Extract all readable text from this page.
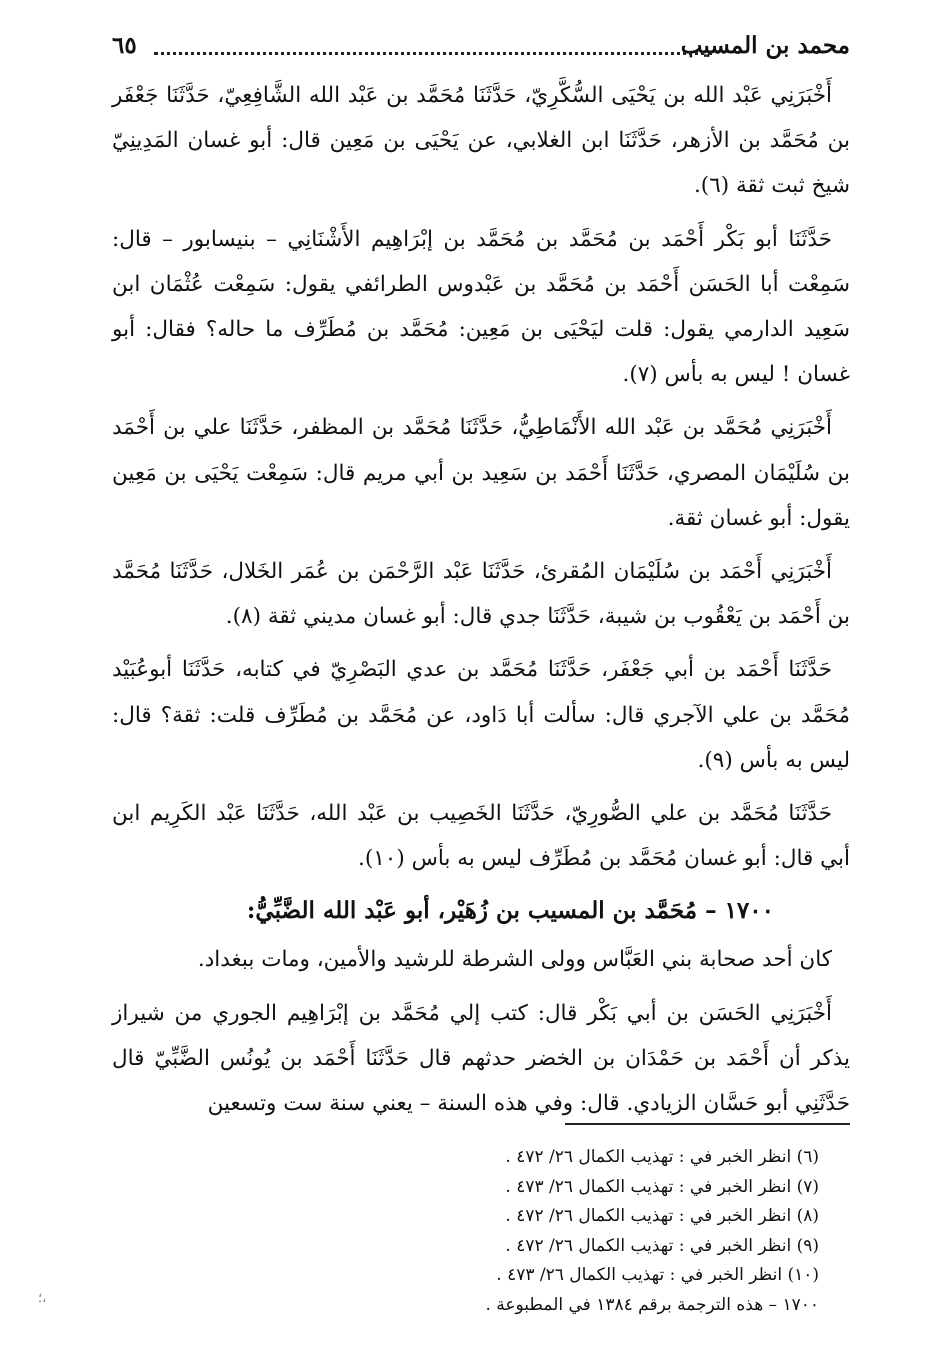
محمد بن المسيب
٦٥

أَخْبَرَنِي عَبْد الله بن يَحْيَى السُّكَّرِيّ، حَدَّثَنَا مُحَمَّد بن عَبْد الله الشَّافِعِيّ، حَدَّثَنَا جَعْفَر بن مُحَمَّد بن الأزهر، حَدَّثَنَا ابن الغلابي، عن يَحْيَى بن مَعِين قال: أبو غسان المَدِينِيّ شيخ ثبت ثقة (٦).

حَدَّثَنَا أبو بَكْر أَحْمَد بن مُحَمَّد بن مُحَمَّد بن إبْرَاهِيم الأَشْنَانِي – بنيسابور – قال: سَمِعْت أبا الحَسَن أَحْمَد بن مُحَمَّد بن عَبْدوس الطرائفي يقول: سَمِعْت عُثْمَان ابن سَعِيد الدارمي يقول: قلت ليَحْيَى بن مَعِين: مُحَمَّد بن مُطَرِّف ما حاله؟ فقال: أبو غسان ! ليس به بأس (٧).

أَخْبَرَنِي مُحَمَّد بن عَبْد الله الأَنْمَاطِيُّ، حَدَّثَنَا مُحَمَّد بن المظفر، حَدَّثَنَا علي بن أَحْمَد بن سُلَيْمَان المصري، حَدَّثَنَا أَحْمَد بن سَعِيد بن أبي مريم قال: سَمِعْت يَحْيَى بن مَعِين يقول: أبو غسان ثقة.

أَخْبَرَنِي أَحْمَد بن سُلَيْمَان المُقرئ، حَدَّثَنَا عَبْد الرَّحْمَن بن عُمَر الخَلال، حَدَّثَنَا مُحَمَّد بن أَحْمَد بن يَعْقُوب بن شيبة، حَدَّثَنَا جدي قال: أبو غسان مديني ثقة (٨).

حَدَّثَنَا أَحْمَد بن أبي جَعْفَر، حَدَّثَنَا مُحَمَّد بن عدي البَصْرِيّ في كتابه، حَدَّثَنَا أبوعُبَيْد مُحَمَّد بن علي الآجري قال: سألت أبا دَاود، عن مُحَمَّد بن مُطَرِّف قلت: ثقة؟ قال: ليس به بأس (٩).

حَدَّثَنَا مُحَمَّد بن علي الصُّورِيّ، حَدَّثَنَا الخَصِيب بن عَبْد الله، حَدَّثَنَا عَبْد الكَرِيم ابن أبي قال: أبو غسان مُحَمَّد بن مُطَرِّف ليس به بأس (١٠).

١٧٠٠ – مُحَمَّد بن المسيب بن زُهَيْر، أبو عَبْد الله الضَّبِّيُّ:

كان أحد صحابة بني العَبَّاس وولى الشرطة للرشيد والأمين، ومات ببغداد.

أَخْبَرَنِي الحَسَن بن أبي بَكْر قال: كتب إلي مُحَمَّد بن إبْرَاهِيم الجوري من شيراز يذكر أن أَحْمَد بن حَمْدَان بن الخضر حدثهم قال حَدَّثَنَا أَحْمَد بن يُونُس الضَّبِّيّ قال حَدَّثَنِي أبو حَسَّان الزيادي. قال: وفي هذه السنة – يعني سنة ست وتسعين

(٦) انظر الخبر في : تهذيب الكمال ٢٦/ ٤٧٢ .

(٧) انظر الخبر في : تهذيب الكمال ٢٦/ ٤٧٣ .

(٨) انظر الخبر في : تهذيب الكمال ٢٦/ ٤٧٢ .

(٩) انظر الخبر في : تهذيب الكمال ٢٦/ ٤٧٢ .

(١٠) انظر الخبر في : تهذيب الكمال ٢٦/ ٤٧٣ .

١٧٠٠ – هذه الترجمة برقم ١٣٨٤ في المطبوعة .

،؛
